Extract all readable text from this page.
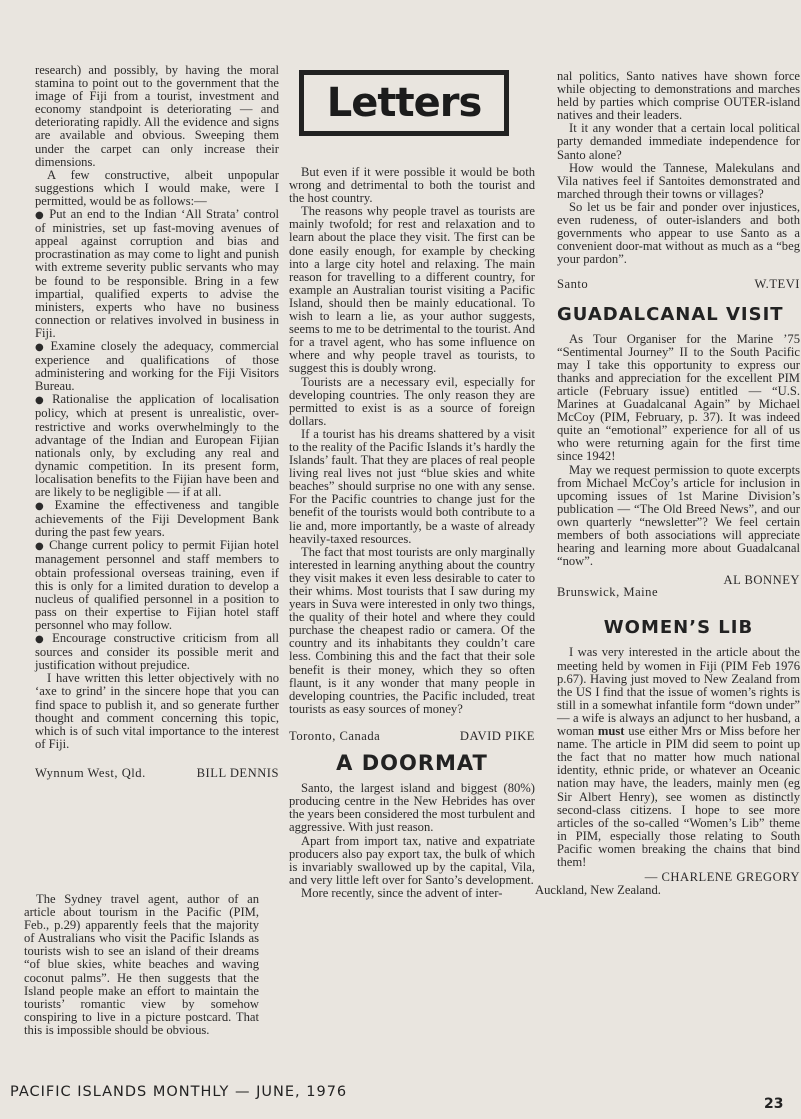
research) and possibly, by having the moral stamina to point out to the government that the image of Fiji from a tourist, investment and economy standpoint is deteriorating — and deteriorating rapidly. All the evidence and signs are available and obvious. Sweeping them under the carpet can only increase their dimensions.

A few constructive, albeit unpopular suggestions which I would make, were I permitted, would be as follows:—

● Put an end to the Indian ‘All Strata’ control of ministries, set up fast-moving avenues of appeal against corruption and bias and procrastination as may come to light and punish with extreme severity public servants who may be found to be responsible. Bring in a few impartial, qualified experts to advise the ministers, experts who have no business connection or relatives involved in business in Fiji.

● Examine closely the adequacy, commercial experience and qualifications of those administering and working for the Fiji Visitors Bureau.

● Rationalise the application of localisation policy, which at present is unrealistic, over-restrictive and works overwhelmingly to the advantage of the Indian and European Fijian nationals only, by excluding any real and dynamic competition. In its present form, localisation benefits to the Fijian have been and are likely to be negligible — if at all.

● Examine the effectiveness and tangible achievements of the Fiji Development Bank during the past few years.

● Change current policy to permit Fijian hotel management personnel and staff members to obtain professional overseas training, even if this is only for a limited duration to develop a nucleus of qualified personnel in a position to pass on their expertise to Fijian hotel staff personnel who may follow.

● Encourage constructive criticism from all sources and consider its possible merit and justification without prejudice.

I have written this letter objectively with no ‘axe to grind’ in the sincere hope that you can find space to publish it, and so generate further thought and comment concerning this topic, which is of such vital importance to the interest of Fiji.

Wynnum West, Qld.	BILL DENNIS

The Sydney travel agent, author of an article about tourism in the Pacific (PIM, Feb., p.29) apparently feels that the majority of Australians who visit the Pacific Islands as tourists wish to see an island of their dreams “of blue skies, white beaches and waving coconut palms”. He then suggests that the Island people make an effort to maintain the tourists’ romantic view by somehow conspiring to live in a picture postcard. That this is impossible should be obvious.

Letters

But even if it were possible it would be both wrong and detrimental to both the tourist and the host country.

The reasons why people travel as tourists are mainly twofold; for rest and relaxation and to learn about the place they visit. The first can be done easily enough, for example by checking into a large city hotel and relaxing. The main reason for travelling to a different country, for example an Australian tourist visiting a Pacific Island, should then be mainly educational. To wish to learn a lie, as your author suggests, seems to me to be detrimental to the tourist. And for a travel agent, who has some influence on where and why people travel as tourists, to suggest this is doubly wrong.

Tourists are a necessary evil, especially for developing countries. The only reason they are permitted to exist is as a source of foreign dollars.

If a tourist has his dreams shattered by a visit to the reality of the Pacific Islands it’s hardly the Islands’ fault. That they are places of real people living real lives not just “blue skies and white beaches” should surprise no one with any sense. For the Pacific countries to change just for the benefit of the tourists would both contribute to a lie and, more importantly, be a waste of already heavily-taxed resources.

The fact that most tourists are only marginally interested in learning anything about the country they visit makes it even less desirable to cater to their whims. Most tourists that I saw during my years in Suva were interested in only two things, the quality of their hotel and where they could purchase the cheapest radio or camera. Of the country and its inhabitants they couldn’t care less. Combining this and the fact that their sole benefit is their money, which they so often flaunt, is it any wonder that many people in developing countries, the Pacific included, treat tourists as easy sources of money?

Toronto, Canada	DAVID PIKE
A DOORMAT

Santo, the largest island and biggest (80%) producing centre in the New Hebrides has over the years been considered the most turbulent and aggressive. With just reason.

Apart from import tax, native and expatriate producers also pay export tax, the bulk of which is invariably swallowed up by the capital, Vila, and very little left over for Santo’s development.

More recently, since the advent of inter-

nal politics, Santo natives have shown force while objecting to demonstrations and marches held by parties which comprise OUTER-island natives and their leaders.

It it any wonder that a certain local political party demanded immediate independence for Santo alone?

How would the Tannese, Malekulans and Vila natives feel if Santoites demonstrated and marched through their towns or villages?

So let us be fair and ponder over injustices, even rudeness, of outer-islanders and both governments who appear to use Santo as a convenient door-mat without as much as a “beg your pardon”.

Santo	W.TEVI
GUADALCANAL VISIT

As Tour Organiser for the Marine ’75 “Sentimental Journey” II to the South Pacific may I take this opportunity to express our thanks and appreciation for the excellent PIM article (February issue) entitled — “U.S. Marines at Guadalcanal Again” by Michael McCoy (PIM, February, p. 37). It was indeed quite an “emotional” experience for all of us who were returning again for the first time since 1942!

May we request permission to quote excerpts from Michael McCoy’s article for inclusion in upcoming issues of 1st Marine Division’s publication — “The Old Breed News”, and our own quarterly “newsletter”? We feel certain members of both associations will appreciate hearing and learning more about Guadalcanal “now”.

Brunswick, Maine
AL BONNEY
WOMEN’S LIB

I was very interested in the article about the meeting held by women in Fiji (PIM Feb 1976 p.67). Having just moved to New Zealand from the US I find that the issue of women’s rights is still in a somewhat infantile form “down under” — a wife is always an adjunct to her husband, a woman must use either Mrs or Miss before her name. The article in PIM did seem to point up the fact that no matter how much national identity, ethnic pride, or whatever an Oceanic nation may have, the leaders, mainly men (eg Sir Albert Henry), see women as distinctly second-class citizens. I hope to see more articles of the so-called “Women’s Lib” theme in PIM, especially those relating to South Pacific women breaking the chains that bind them!

— CHARLENE GREGORY
Auckland, New Zealand.
PACIFIC ISLANDS MONTHLY — JUNE, 1976
23
